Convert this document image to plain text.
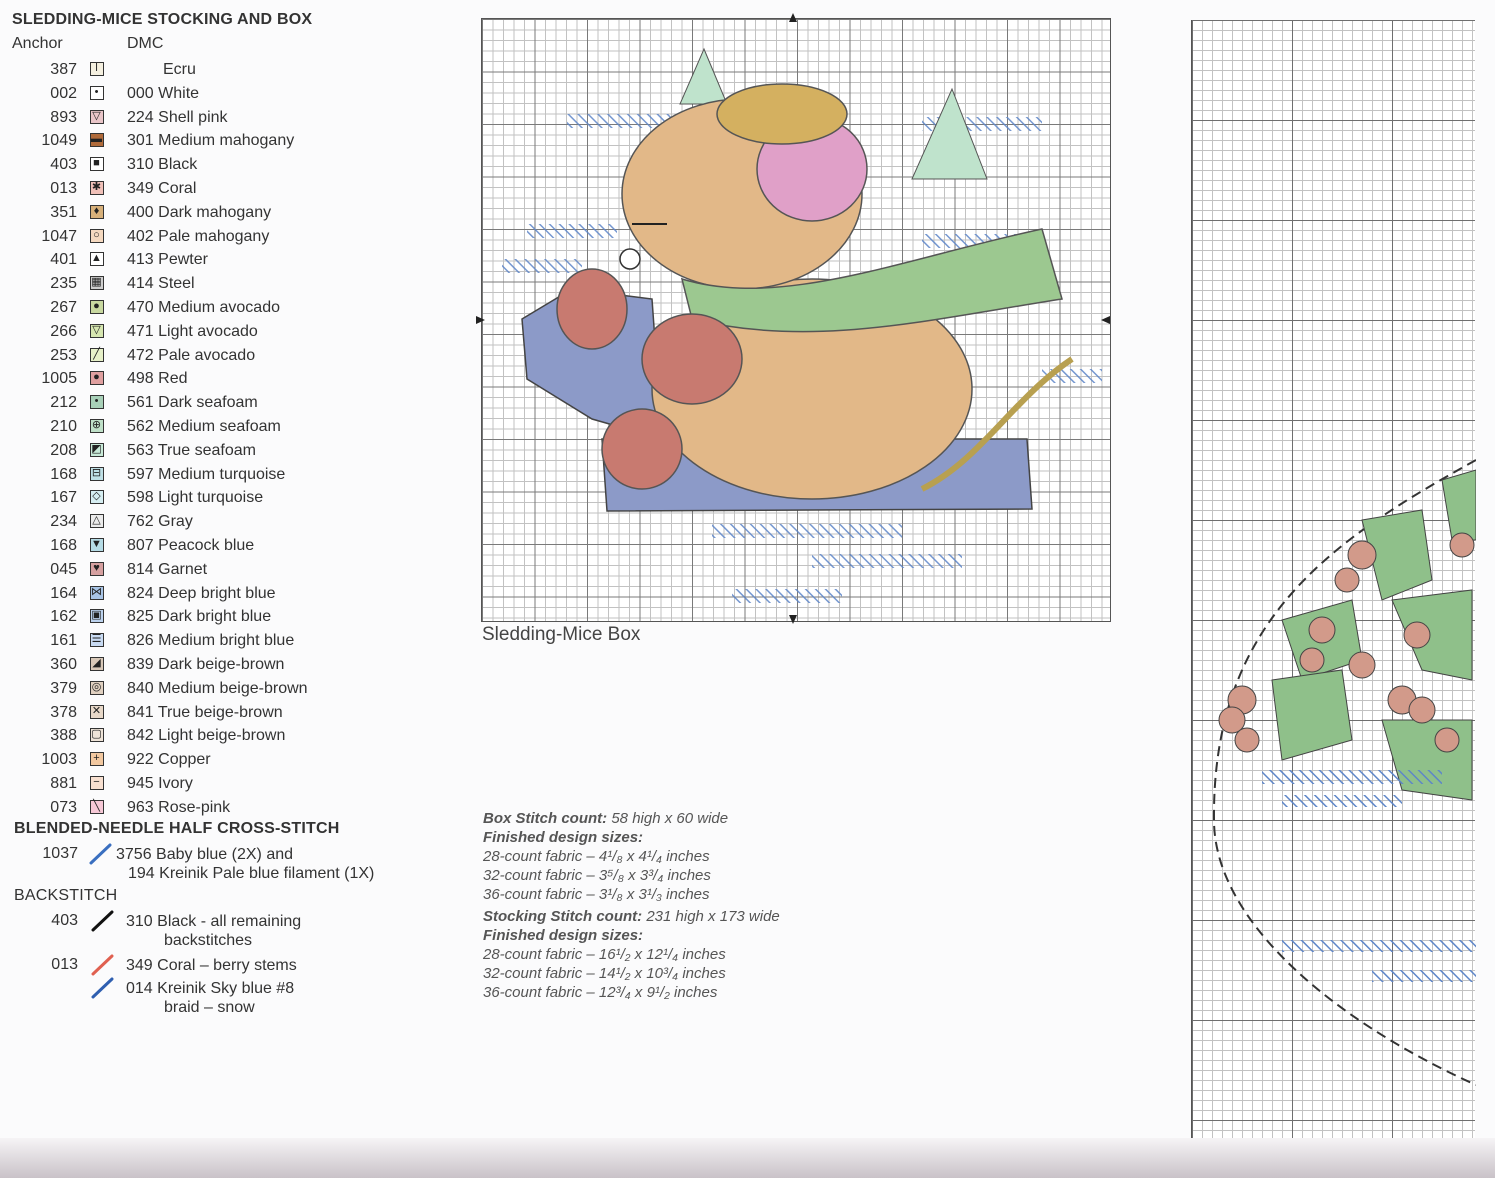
SLEDDING-MICE STOCKING AND BOX
Anchor	DMC
387	ǀ	Ecru
002	• 000 White
893 ▽ 224 Shell pink
1049 ▬ 301 Medium mahogany
403 ■ 310 Black
013 ✱ 349 Coral
351 ♦ 400 Dark mahogany
1047 ○ 402 Pale mahogany
401 ▲ 413 Pewter
235 ▦ 414 Steel
267 ● 470 Medium avocado
266 ▽ 471 Light avocado
253 ╱ 472 Pale avocado
1005 ● 498 Red
212	• 561 Dark seafoam
210 ⊕ 562 Medium seafoam
208 ◩ 563 True seafoam
168 ⊟ 597 Medium turquoise
167 ◇ 598 Light turquoise
234 △ 762 Gray
168 ▼ 807 Peacock blue
045 ♥ 814 Garnet
164 ⋈ 824 Deep bright blue
162 ▣ 825 Dark bright blue
161 ☰ 826 Medium bright blue
360 ◢ 839 Dark beige-brown
379 ◎ 840 Medium beige-brown
378 ✕ 841 True beige-brown
388 ▢ 842 Light beige-brown
1003 + 922 Copper
881 − 945 Ivory
073 ╲ 963 Rose-pink
BLENDED-NEEDLE HALF CROSS-STITCH
1037 3756 Baby blue (2X) and
194 Kreinik Pale blue filament (1X)
BACKSTITCH
403	310 Black - all remaining
backstitches
013	349 Coral – berry stems
014 Kreinik Sky blue #8
braid – snow
Sledding-Mice Box
Box Stitch count: 58 high x 60 wide
Finished design sizes:
28-count fabric – 4¹/₈ x 4¹/₄ inches
32-count fabric – 3⁵/₈ x 3³/₄ inches
36-count fabric – 3¹/₈ x 3¹/₃ inches
Stocking Stitch count: 231 high x 173 wide
Finished design sizes:
28-count fabric – 16¹/₂ x 12¹/₄ inches
32-count fabric – 14¹/₂ x 10³/₄ inches
36-count fabric – 12³/₄ x 9¹/₂ inches
